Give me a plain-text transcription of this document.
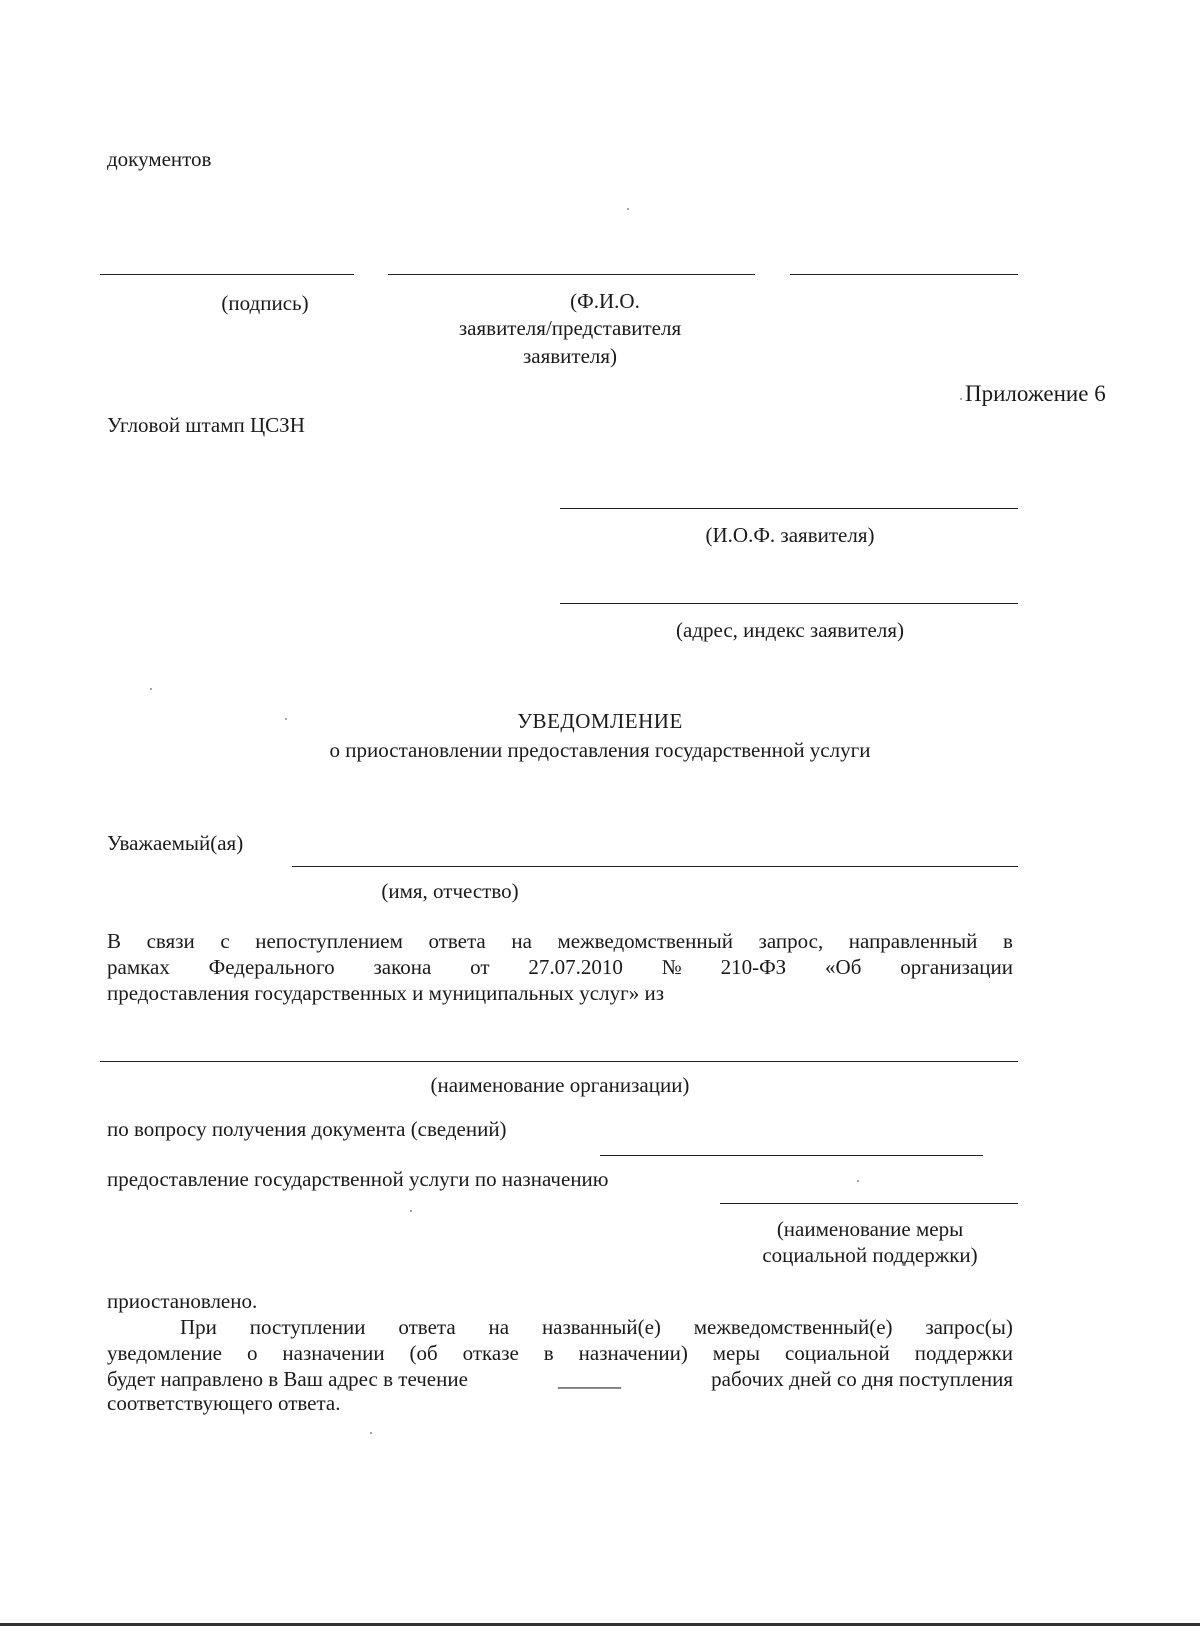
документов
(подпись)	(Ф.И.О.
заявителя/представителя
заявителя)
Приложение 6
Угловой штамп ЦСЗН
(И.О.Ф. заявителя)
(адрес, индекс заявителя)
УВЕДОМЛЕНИЕ
о приостановлении предоставления государственной услуги
Уважаемый(ая)
(имя, отчество)
В связи с непоступлением ответа на межведомственный запрос, направленный в
рамках Федерального закона от 27.07.2010 № 210-ФЗ «Об организации
предоставления государственных и муниципальных услуг» из
(наименование организации)
по вопросу получения документа (сведений)
предоставление государственной услуги по назначению
(наименование меры
социальной поддержки)
приостановлено.
При поступлении ответа на названный(е) межведомственный(е) запрос(ы)
уведомление о назначении (об отказе в назначении) меры социальной поддержки
будет направлено в Ваш адрес в течение	______	рабочих дней со дня поступления
соответствующего ответа.
